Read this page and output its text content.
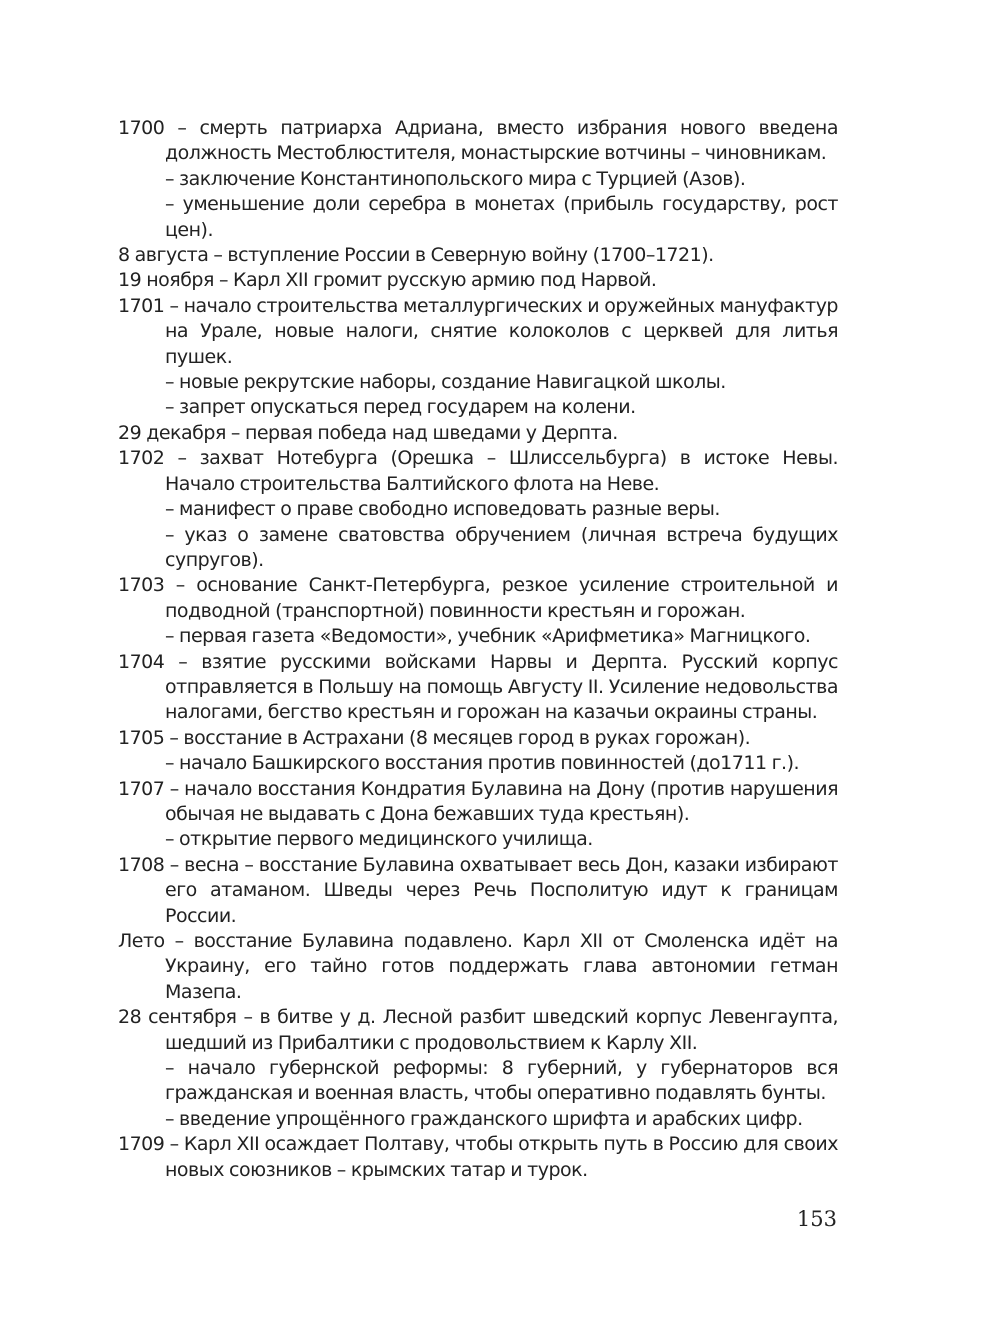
1700 – смерть патриарха Адриана, вместо избрания нового введена должность Местоблюстителя, монастырские вотчины – чиновникам.

– заключение Константинопольского мира с Турцией (Азов).

– уменьшение доли серебра в монетах (прибыль государству, рост цен).

8 августа – вступление России в Северную войну (1700–1721).

19 ноября – Карл XII громит русскую армию под Нарвой.

1701 – начало строительства металлургических и оружейных мануфактур на Урале, новые налоги, снятие колоколов с церквей для литья пушек.

– новые рекрутские наборы, создание Навигацкой школы.

– запрет опускаться перед государем на колени.

29 декабря – первая победа над шведами у Дерпта.

1702 – захват Нотебурга (Орешка – Шлиссельбурга) в истоке Невы. Начало строительства Балтийского флота на Неве.

– манифест о праве свободно исповедовать разные веры.

– указ о замене сватовства обручением (личная встреча будущих супругов).

1703 – основание Санкт-Петербурга, резкое усиление строительной и подводной (транспортной) повинности крестьян и горожан.

– первая газета «Ведомости», учебник «Арифметика» Магницкого.

1704 – взятие русскими войсками Нарвы и Дерпта. Русский корпус отправляется в Польшу на помощь Августу II. Усиление недовольства налогами, бегство крестьян и горожан на казачьи окраины страны.

1705 – восстание в Астрахани (8 месяцев город в руках горожан).

– начало Башкирского восстания против повинностей (до1711 г.).

1707 – начало восстания Кондратия Булавина на Дону (против нарушения обычая не выдавать с Дона бежавших туда крестьян).

– открытие первого медицинского училища.

1708 – весна – восстание Булавина охватывает весь Дон, казаки избирают его атаманом. Шведы через Речь Посполитую идут к границам России.

Лето – восстание Булавина подавлено. Карл XII от Смоленска идёт на Украину, его тайно готов поддержать глава автономии гетман Мазепа.

28 сентября – в битве у д. Лесной разбит шведский корпус Левенгаупта, шедший из Прибалтики с продовольствием к Карлу XII.

– начало губернской реформы: 8 губерний, у губернаторов вся гражданская и военная власть, чтобы оперативно подавлять бунты.

– введение упрощённого гражданского шрифта и арабских цифр.

1709 – Карл XII осаждает Полтаву, чтобы открыть путь в Россию для своих новых союзников – крымских татар и турок.

153
